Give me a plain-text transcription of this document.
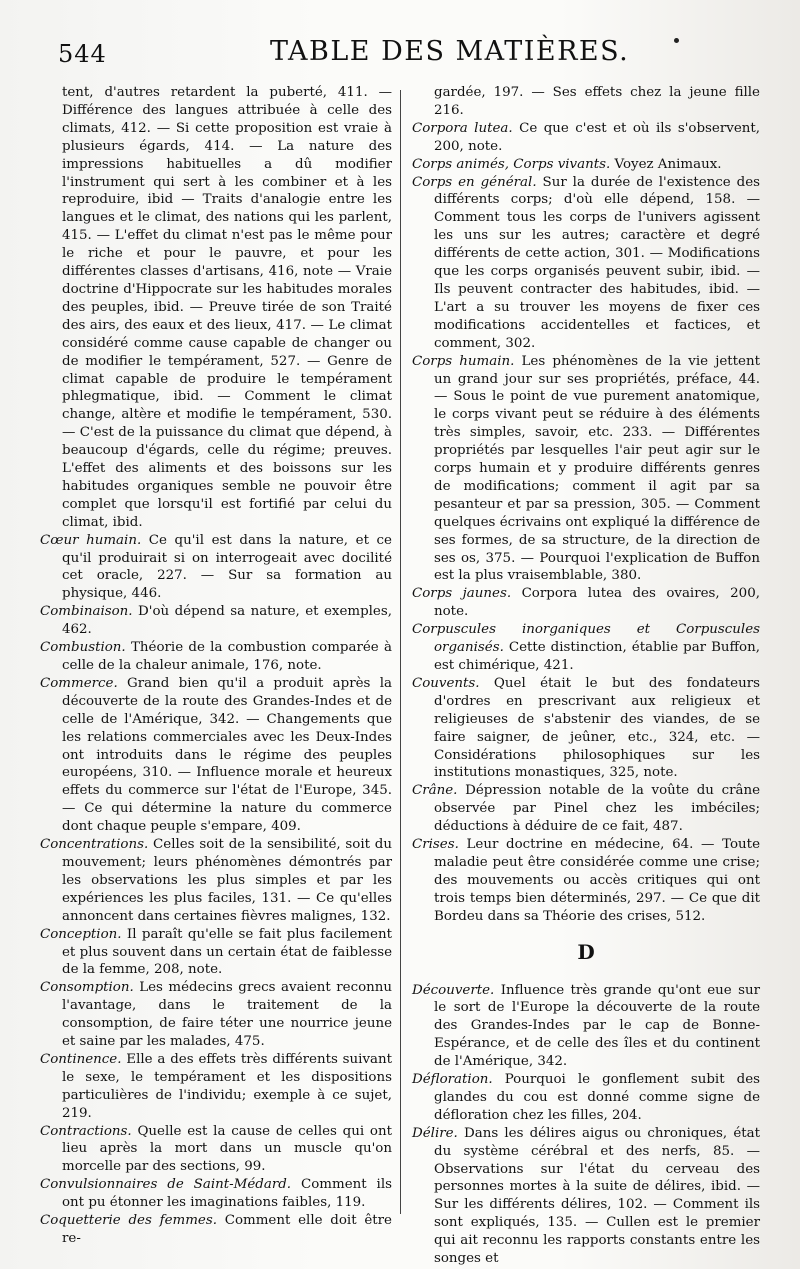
544	TABLE DES MATIÈRES.

tent, d'autres retardent la puberté, 411. — Différence des langues attribuée à celle des climats, 412. — Si cette proposition est vraie à plusieurs égards, 414. — La nature des impressions habituelles a dû modifier l'instrument qui sert à les combiner et à les reproduire, ibid — Traits d'analogie entre les langues et le climat, des nations qui les parlent, 415. — L'effet du climat n'est pas le même pour le riche et pour le pauvre, et pour les différentes classes d'artisans, 416, note — Vraie doctrine d'Hippocrate sur les habitudes morales des peuples, ibid. — Preuve tirée de son Traité des airs, des eaux et des lieux, 417. — Le climat considéré comme cause capable de changer ou de modifier le tempérament, 527. — Genre de climat capable de produire le tempérament phlegmatique, ibid. — Comment le climat change, altère et modifie le tempérament, 530. — C'est de la puissance du climat que dépend, à beaucoup d'égards, celle du régime; preuves. L'effet des aliments et des boissons sur les habitudes organiques semble ne pouvoir être complet que lorsqu'il est fortifié par celui du climat, ibid.

Cœur humain. Ce qu'il est dans la nature, et ce qu'il produirait si on interrogeait avec docilité cet oracle, 227. — Sur sa formation au physique, 446.

Combinaison. D'où dépend sa nature, et exemples, 462.

Combustion. Théorie de la combustion comparée à celle de la chaleur animale, 176, note.

Commerce. Grand bien qu'il a produit après la découverte de la route des Grandes-Indes et de celle de l'Amérique, 342. — Changements que les relations commerciales avec les Deux-Indes ont introduits dans le régime des peuples européens, 310. — Influence morale et heureux effets du commerce sur l'état de l'Europe, 345. — Ce qui détermine la nature du commerce dont chaque peuple s'empare, 409.

Concentrations. Celles soit de la sensibilité, soit du mouvement; leurs phénomènes démontrés par les observations les plus simples et par les expériences les plus faciles, 131. — Ce qu'elles annoncent dans certaines fièvres malignes, 132.

Conception. Il paraît qu'elle se fait plus facilement et plus souvent dans un certain état de faiblesse de la femme, 208, note.

Consomption. Les médecins grecs avaient reconnu l'avantage, dans le traitement de la consomption, de faire téter une nourrice jeune et saine par les malades, 475.

Continence. Elle a des effets très différents suivant le sexe, le tempérament et les dispositions particulières de l'individu; exemple à ce sujet, 219.

Contractions. Quelle est la cause de celles qui ont lieu après la mort dans un muscle qu'on morcelle par des sections, 99.

Convulsionnaires de Saint-Médard. Comment ils ont pu étonner les imaginations faibles, 119.

Coquetterie des femmes. Comment elle doit être re-

gardée, 197. — Ses effets chez la jeune fille 216.

Corpora lutea. Ce que c'est et où ils s'observent, 200, note.

Corps animés, Corps vivants. Voyez Animaux.

Corps en général. Sur la durée de l'existence des différents corps; d'où elle dépend, 158. — Comment tous les corps de l'univers agissent les uns sur les autres; caractère et degré différents de cette action, 301. — Modifications que les corps organisés peuvent subir, ibid. — Ils peuvent contracter des habitudes, ibid. — L'art a su trouver les moyens de fixer ces modifications accidentelles et factices, et comment, 302.

Corps humain. Les phénomènes de la vie jettent un grand jour sur ses propriétés, préface, 44. — Sous le point de vue purement anatomique, le corps vivant peut se réduire à des éléments très simples, savoir, etc. 233. — Différentes propriétés par lesquelles l'air peut agir sur le corps humain et y produire différents genres de modifications; comment il agit par sa pesanteur et par sa pression, 305. — Comment quelques écrivains ont expliqué la différence de ses formes, de sa structure, de la direction de ses os, 375. — Pourquoi l'explication de Buffon est la plus vraisemblable, 380.

Corps jaunes. Corpora lutea des ovaires, 200, note.

Corpuscules inorganiques et Corpuscules organisés. Cette distinction, établie par Buffon, est chimérique, 421.

Couvents. Quel était le but des fondateurs d'ordres en prescrivant aux religieux et religieuses de s'abstenir des viandes, de se faire saigner, de jeûner, etc., 324, etc. — Considérations philosophiques sur les institutions monastiques, 325, note.

Crâne. Dépression notable de la voûte du crâne observée par Pinel chez les imbéciles; déductions à déduire de ce fait, 487.

Crises. Leur doctrine en médecine, 64. — Toute maladie peut être considérée comme une crise; des mouvements ou accès critiques qui ont trois temps bien déterminés, 297. — Ce que dit Bordeu dans sa Théorie des crises, 512.

D

Découverte. Influence très grande qu'ont eue sur le sort de l'Europe la découverte de la route des Grandes-Indes par le cap de Bonne-Espérance, et de celle des îles et du continent de l'Amérique, 342.

Défloration. Pourquoi le gonflement subit des glandes du cou est donné comme signe de défloration chez les filles, 204.

Délire. Dans les délires aigus ou chroniques, état du système cérébral et des nerfs, 85. — Observations sur l'état du cerveau des personnes mortes à la suite de délires, ibid. — Sur les différents délires, 102. — Comment ils sont expliqués, 135. — Cullen est le premier qui ait reconnu les rapports constants entre les songes et
